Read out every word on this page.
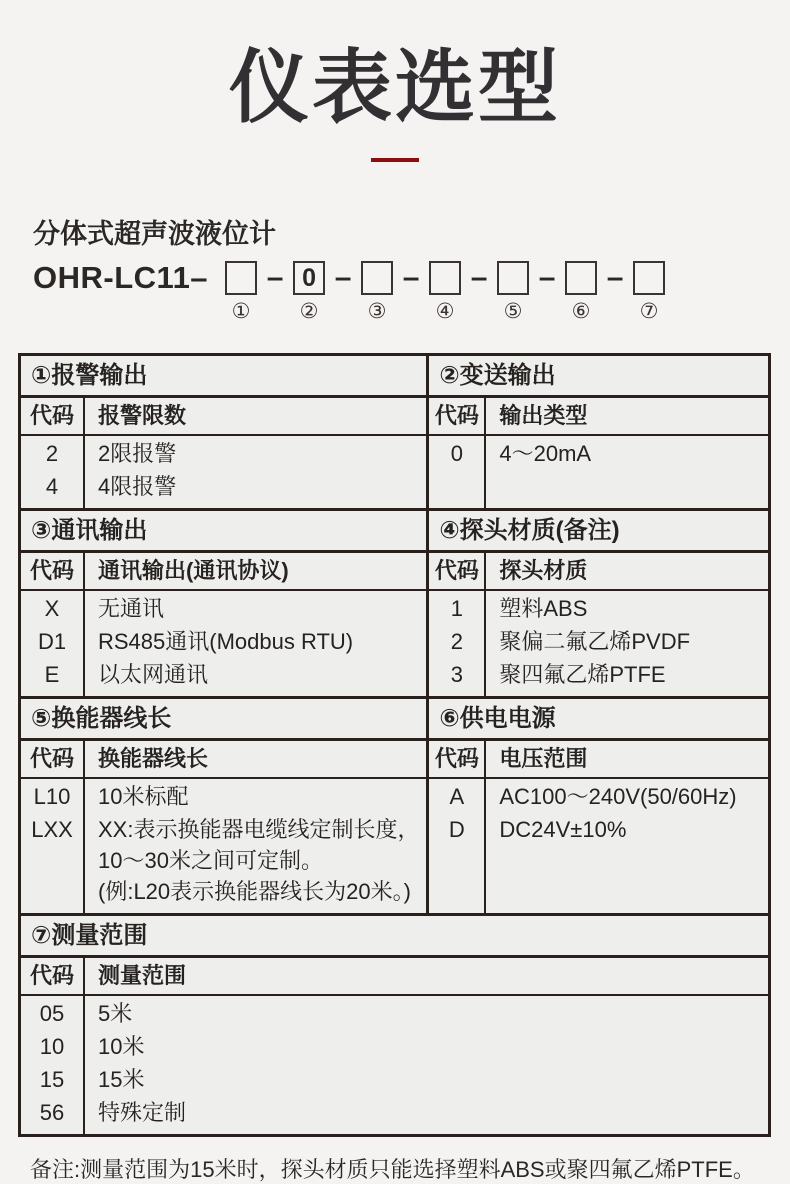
仪表选型
分体式超声波液位计
OHR-LC11–
①
– 0
②
–
③
–
④
–
⑤
–
⑥
–
⑦
①报警输出
代码	报警限数
2	2限报警
4	4限报警
②变送输出
代码 输出类型
0	4～20mA
③通讯输出
代码	通讯输出(通讯协议)
X	无通讯
D1	RS485通讯(Modbus RTU)
E	以太网通讯
④探头材质(备注)
代码 探头材质
1	塑料ABS
2	聚偏二氟乙烯PVDF
3	聚四氟乙烯PTFE
⑤换能器线长
代码	换能器线长
L10	10米标配
LXX	XX:表示换能器电缆线定制长度，
10～30米之间可定制。
(例:L20表示换能器线长为20米。)
⑥供电电源
代码 电压范围
A	AC100～240V(50/60Hz)
D	DC24V±10%
⑦测量范围
代码	测量范围
05	5米
10	10米
15	15米
56	特殊定制
备注:测量范围为15米时，探头材质只能选择塑料ABS或聚四氟乙烯PTFE。
